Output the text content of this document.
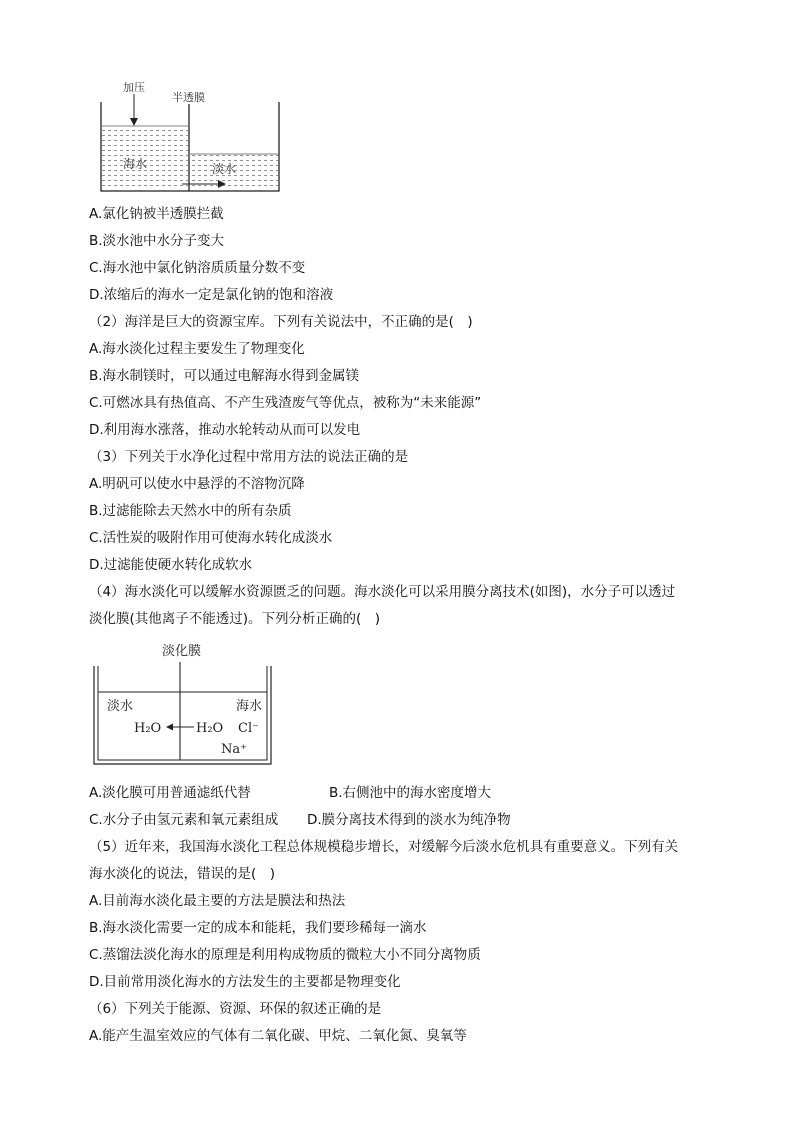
加压
半透膜
海水	淡水
A.氯化钠被半透膜拦截
B.淡水池中水分子变大
C.海水池中氯化钠溶质质量分数不变
D.浓缩后的海水一定是氯化钠的饱和溶液
（2）海洋是巨大的资源宝库。下列有关说法中，不正确的是(　)
A.海水淡化过程主要发生了物理变化
B.海水制镁时，可以通过电解海水得到金属镁
C.可燃冰具有热值高、不产生残渣废气等优点，被称为“未来能源”
D.利用海水涨落，推动水轮转动从而可以发电
（3）下列关于水净化过程中常用方法的说法正确的是
A.明矾可以使水中悬浮的不溶物沉降
B.过滤能除去天然水中的所有杂质
C.活性炭的吸附作用可使海水转化成淡水
D.过滤能使硬水转化成软水
（4）海水淡化可以缓解水资源匮乏的问题。海水淡化可以采用膜分离技术(如图)，水分子可以透过
淡化膜(其他离子不能透过)。下列分析正确的(　)
淡化膜
淡水	海水
H₂O	H₂O Cl⁻
Na⁺
A.淡化膜可用普通滤纸代替	B.右侧池中的海水密度增大
C.水分子由氢元素和氧元素组成 D.膜分离技术得到的淡水为纯净物
（5）近年来，我国海水淡化工程总体规模稳步增长，对缓解今后淡水危机具有重要意义。下列有关
海水淡化的说法，错误的是(　)
A.目前海水淡化最主要的方法是膜法和热法
B.海水淡化需要一定的成本和能耗，我们要珍稀每一滴水
C.蒸馏法淡化海水的原理是利用构成物质的微粒大小不同分离物质
D.目前常用淡化海水的方法发生的主要都是物理变化
（6）下列关于能源、资源、环保的叙述正确的是
A.能产生温室效应的气体有二氧化碳、甲烷、二氧化氮、臭氧等
